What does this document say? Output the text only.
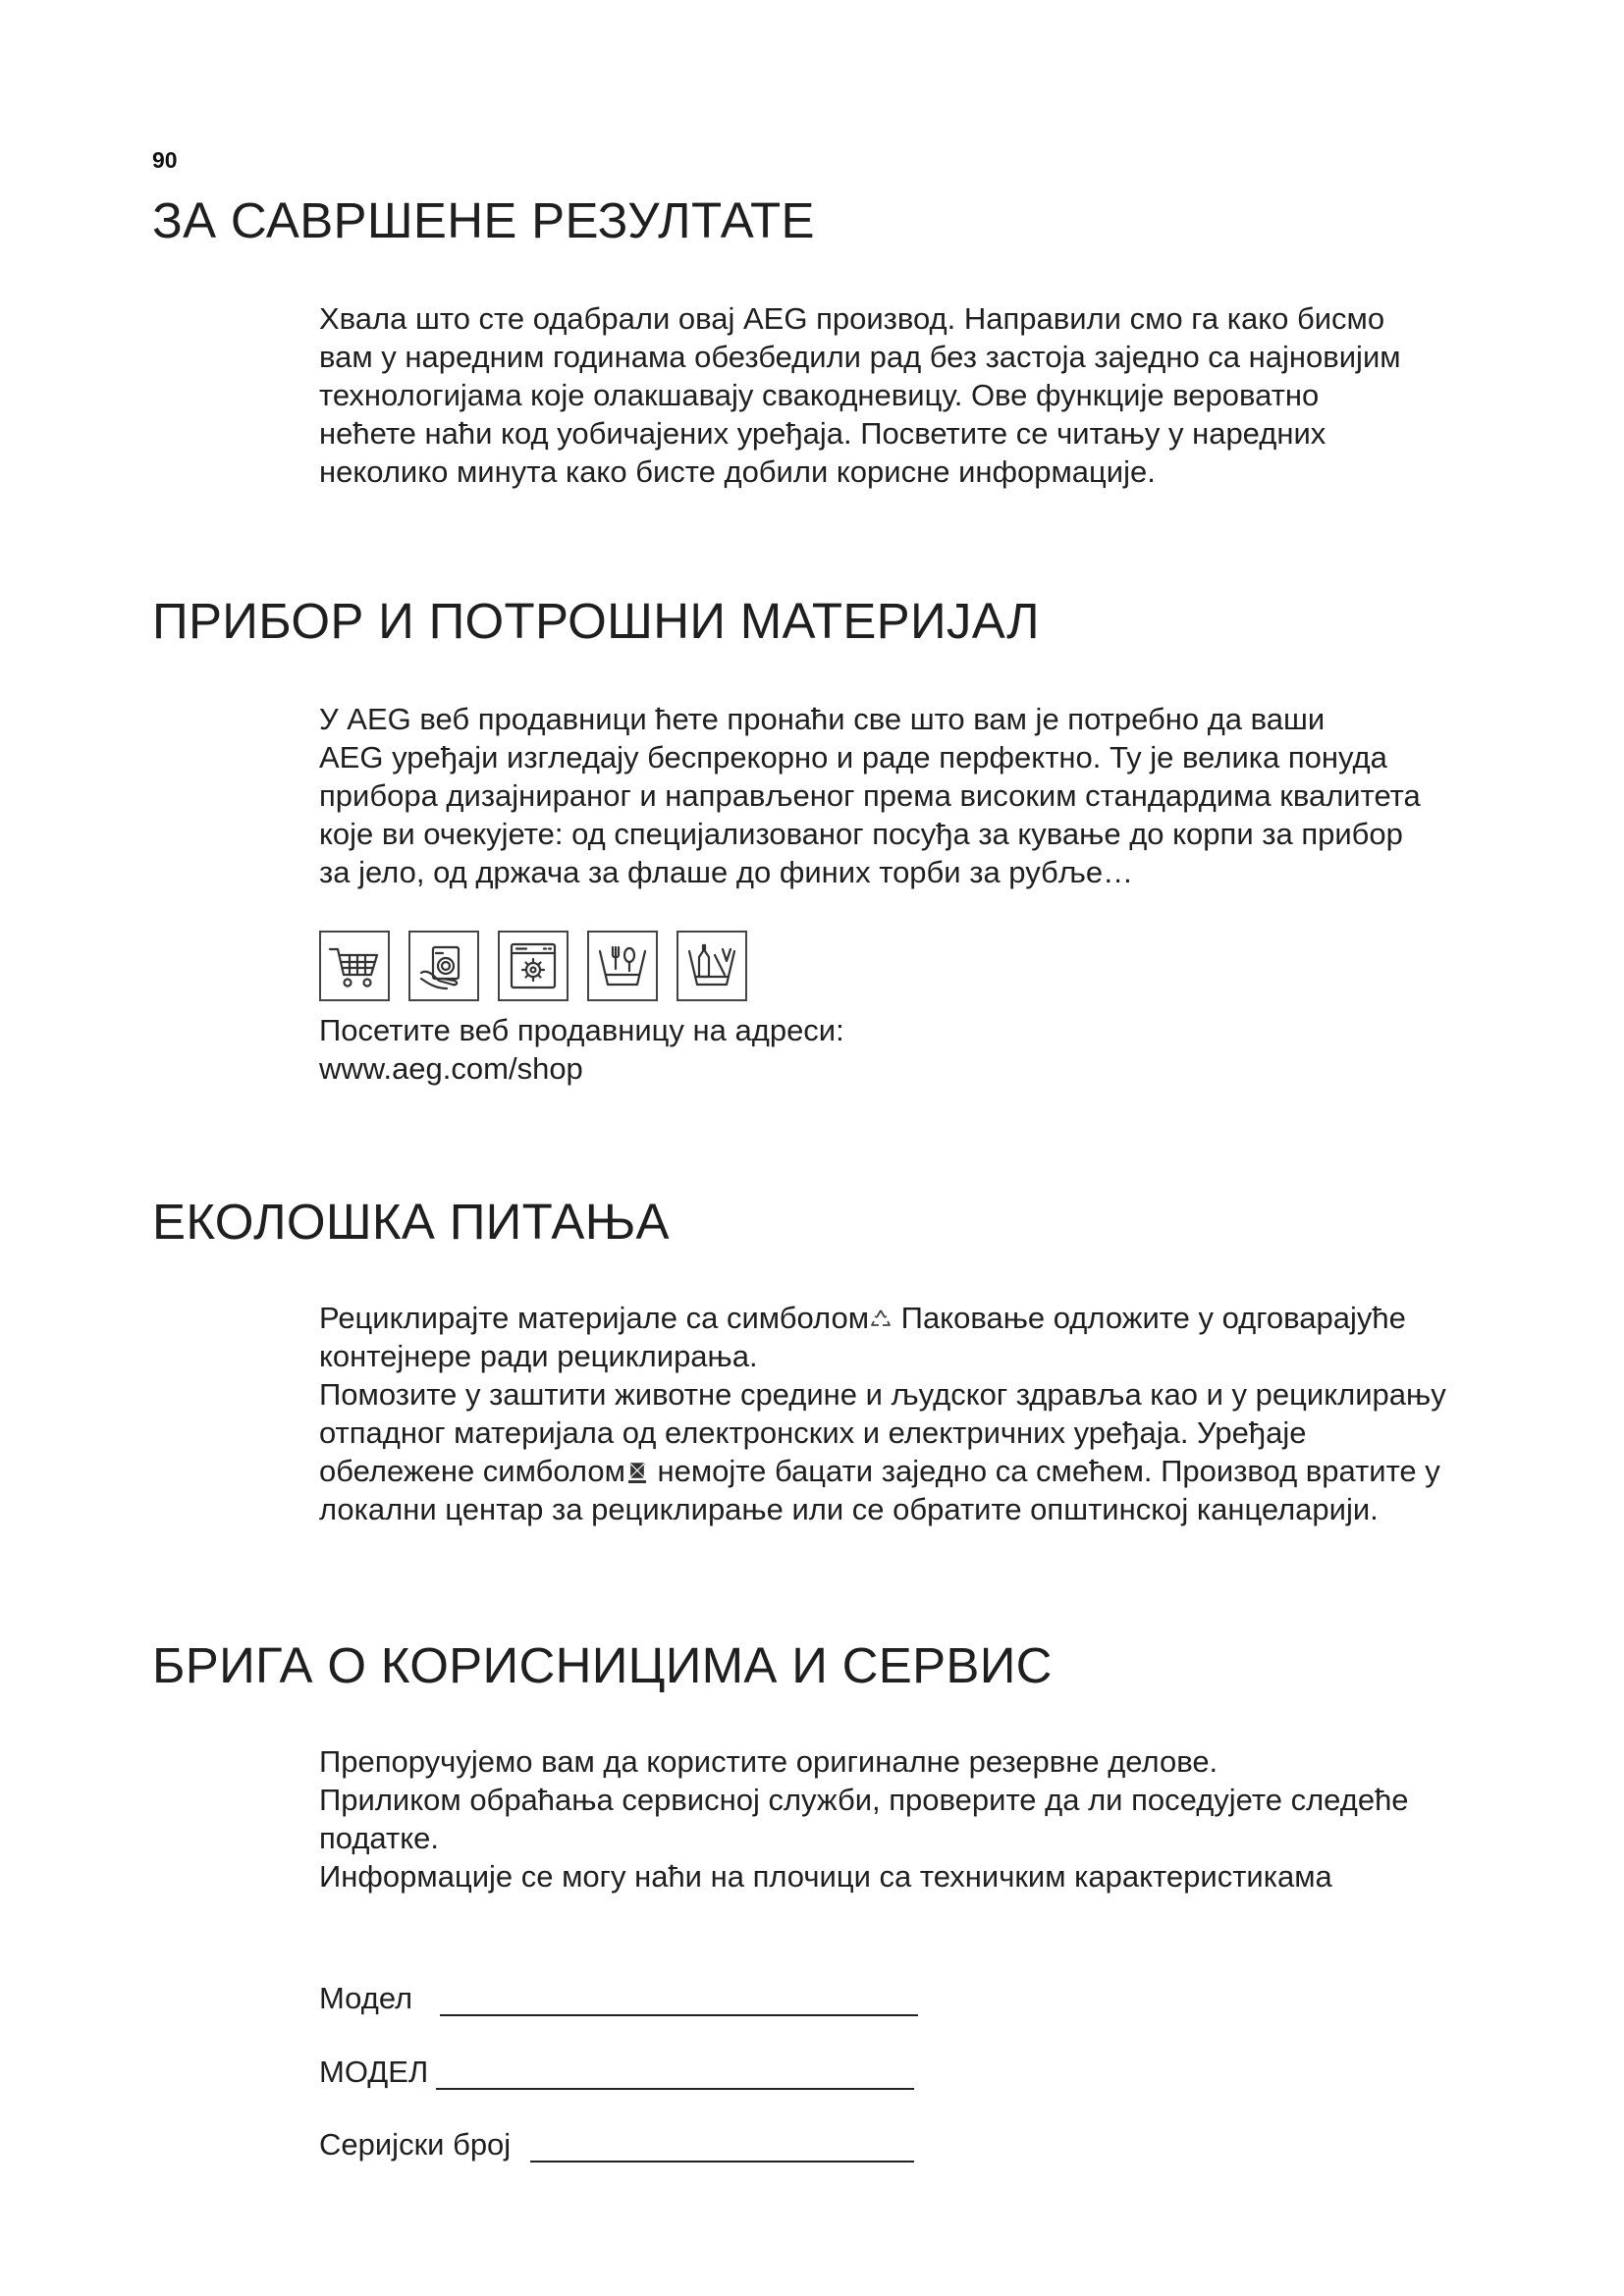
90
ЗА САВРШЕНЕ РЕЗУЛТАТЕ

Хвала што сте одабрали овај AEG производ. Направили смо га како бисмо
вам у наредним годинама обезбедили рад без застоја заједно са најновијим
технологијама које олакшавају свакодневицу. Ове функције вероватно
нећете наћи код уобичајених уређаја. Посветите се читању у наредних
неколико минута како бисте добили корисне информације.

ПРИБОР И ПОТРОШНИ МАТЕРИЈАЛ

У AEG веб продавници ћете пронаћи све што вам је потребно да ваши
AEG уређаји изгледају беспрекорно и раде перфектно. Ту је велика понуда
прибора дизајнираног и направљеног према високим стандардима квалитета
које ви очекујете: од специјализованог посуђа за кување до корпи за прибор
за јело, од држача за флаше до финих торби за рубље…

Посетите веб продавницу на адреси:
www.aeg.com/shop

ЕКОЛОШКА ПИТАЊА

Рециклирајте материјале са симболом Паковање одложите у одговарајуће
контејнере ради рециклирања.
Помозите у заштити животне средине и људског здравља као и у рециклирању
отпадног материјала од електронских и електричних уређаја. Уређаје
обележене симболом немојте бацати заједно са смећем. Производ вратите у
локални центар за рециклирање или се обратите општинској канцеларији.

БРИГА О КОРИСНИЦИМА И СЕРВИС

Препоручујемо вам да користите оригиналне резервне делове.
Приликом обраћања сервисној служби, проверите да ли поседујете следеће
податке.
Информације се могу наћи на плочици са техничким карактеристикама

Модел
МОДЕЛ
Серијски број
